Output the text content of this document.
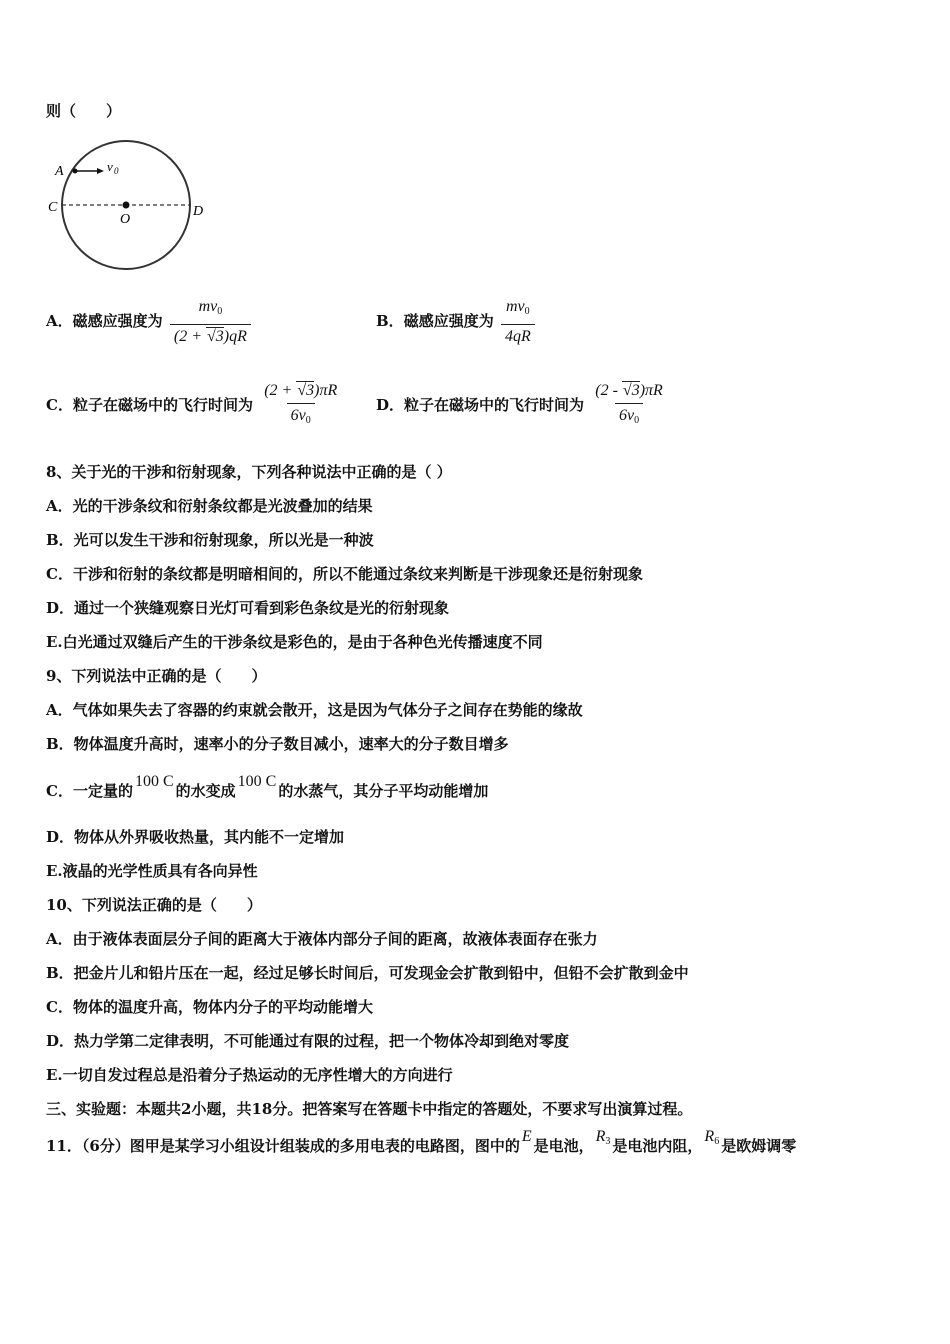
则（　　）
A	v 0
C	D
O
A．磁感应强度为 $\frac{mv_0}{(2 + √3)qR}$	B．磁感应强度为 $\frac{mv_0}{4qR}$
C．粒子在磁场中的飞行时间为 $\frac{(2 + √3)\pi R}{6v_0}$ D．粒子在磁场中的飞行时间为 $\frac{(2 - √3)\pi R}{6v_0}$
8、关于光的干涉和衍射现象，下列各种说法中正确的是（ ）
A．光的干涉条纹和衍射条纹都是光波叠加的结果
B．光可以发生干涉和衍射现象，所以光是一种波
C．干涉和衍射的条纹都是明暗相间的，所以不能通过条纹来判断是干涉现象还是衍射现象
D．通过一个狭缝观察日光灯可看到彩色条纹是光的衍射现象
E.白光通过双缝后产生的干涉条纹是彩色的，是由于各种色光传播速度不同
9、下列说法中正确的是（　　）
A．气体如果失去了容器的约束就会散开，这是因为气体分子之间存在势能的缘故
B．物体温度升高时，速率小的分子数目减小，速率大的分子数目增多
C．一定量的100 C的水变成100 C的水蒸气，其分子平均动能增加
D．物体从外界吸收热量，其内能不一定增加
E.液晶的光学性质具有各向异性
10、下列说法正确的是（　　）
A．由于液体表面层分子间的距离大于液体内部分子间的距离，故液体表面存在张力
B．把金片儿和铅片压在一起，经过足够长时间后，可发现金会扩散到铅中，但铅不会扩散到金中
C．物体的温度升高，物体内分子的平均动能增大
D．热力学第二定律表明，不可能通过有限的过程，把一个物体冷却到绝对零度
E.一切自发过程总是沿着分子热运动的无序性增大的方向进行
三、实验题：本题共2小题，共18分。把答案写在答题卡中指定的答题处，不要求写出演算过程。
11．（6分）图甲是某学习小组设计组装成的多用电表的电路图，图中的E是电池，$R_3$ 是电池内阻，$R_6$ 是欧姆调零
